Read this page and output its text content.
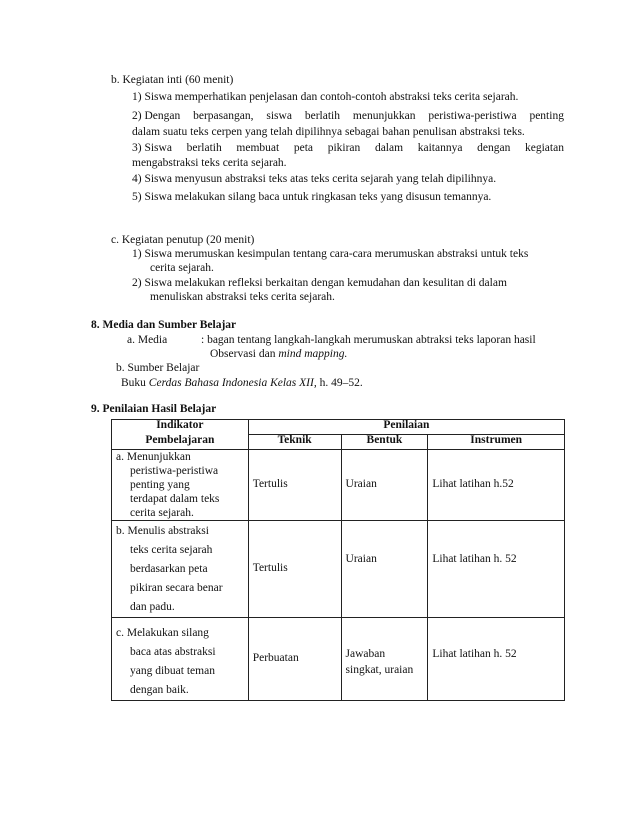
b. Kegiatan inti (60 menit)
1) Siswa memperhatikan penjelasan dan contoh-contoh abstraksi teks cerita sejarah.
2) Dengan berpasangan, siswa berlatih menunjukkan peristiwa-peristiwa penting
dalam suatu teks cerpen yang telah dipilihnya sebagai bahan penulisan abstraksi teks.
3) Siswa berlatih membuat peta pikiran dalam kaitannya dengan kegiatan
mengabstraksi teks cerita sejarah.
4) Siswa menyusun abstraksi teks atas teks cerita sejarah yang telah dipilihnya.
5) Siswa melakukan silang baca untuk ringkasan teks yang disusun temannya.
c. Kegiatan penutup (20 menit)
1) Siswa merumuskan kesimpulan tentang cara-cara merumuskan abstraksi untuk teks
cerita sejarah.
2) Siswa melakukan refleksi berkaitan dengan kemudahan dan kesulitan di dalam
menuliskan abstraksi teks cerita sejarah.
8. Media dan Sumber Belajar
a. Media	: bagan tentang langkah-langkah merumuskan abtraksi teks laporan hasil
Observasi dan mind mapping.
b. Sumber Belajar
Buku Cerdas Bahasa Indonesia Kelas XII, h. 49–52.
9. Penilaian Hasil Belajar
Indikator
Pembelajaran	Penilaian		
	Teknik	Bentuk	Instrumen

a. Menunjukkan
peristiwa-peristiwa
penting yang
terdapat dalam teks
cerita sejarah.	Tertulis	Uraian	Lihat latihan h.52

b. Menulis abstraksi
teks cerita sejarah
berdasarkan peta
pikiran secara benar
dan padu.	Tertulis	Uraian	Lihat latihan h. 52

c. Melakukan silang
baca atas abstraksi
yang dibuat teman
dengan baik.	Perbuatan	Jawaban
singkat, uraian	Lihat latihan h. 52
